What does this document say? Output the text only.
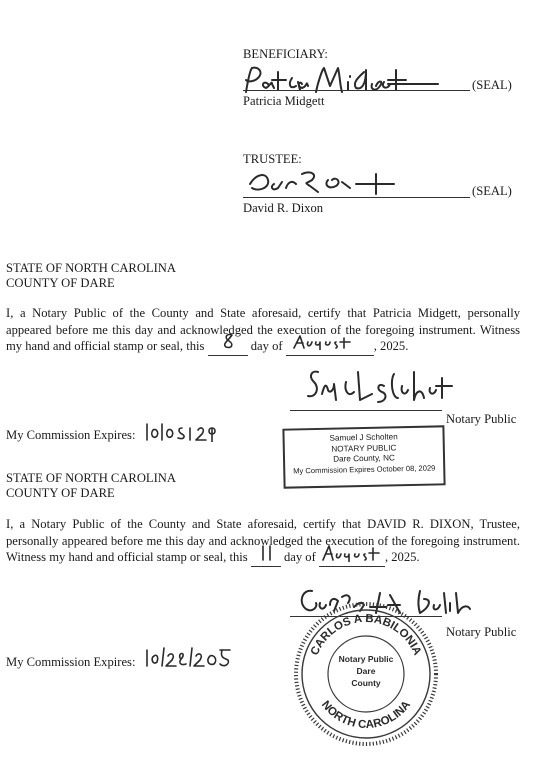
BENEFICIARY:
(SEAL)
Patricia Midgett
TRUSTEE:
(SEAL)
David R. Dixon
STATE OF NORTH CAROLINA
COUNTY OF DARE

I, a Notary Public of the County and State aforesaid, certify that Patricia Midgett, personally appeared before me this day and acknowledged the execution of the foregoing instrument. Witness my hand and official stamp or seal, this	day of	, 2025.

Notary Public
My Commission Expires:	Samuel J Scholten
NOTARY PUBLIC
Dare County, NC
My Commission Expires October 08, 2029
STATE OF NORTH CAROLINA
COUNTY OF DARE

I, a Notary Public of the County and State aforesaid, certify that DAVID R. DIXON, Trustee, personally appeared before me this day and acknowledged the execution of the foregoing instrument. Witness my hand and official stamp or seal, this	day of	, 2025.

Notary Public
My Commission Expires:
CARLOS A BABILONIA
NORTH CAROLINA
Notary Public
Dare
County
